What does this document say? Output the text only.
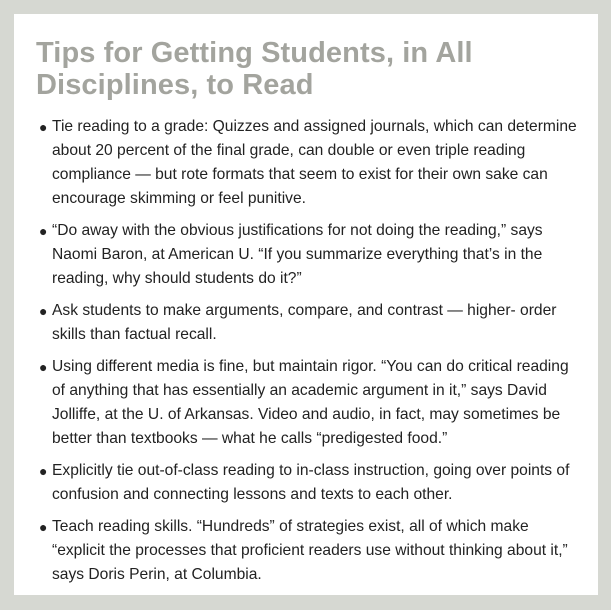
Tips for Getting Students, in All Disciplines, to Read
● Tie reading to a grade: Quizzes and assigned journals, which can determine about 20 percent of the final grade, can double or even triple reading compliance — but rote formats that seem to exist for their own sake can encourage skimming or feel punitive.
● “Do away with the obvious justifications for not doing the reading,” says Naomi Baron, at American U. “If you summarize everything that’s in the reading, why should students do it?”
● Ask students to make arguments, compare, and contrast — higher- order skills than factual recall.
● Using different media is fine, but maintain rigor. “You can do critical reading of anything that has essentially an academic argument in it,” says David Jolliffe, at the U. of Arkansas. Video and audio, in fact, may sometimes be better than textbooks — what he calls “predigested food.”
● Explicitly tie out-of-class reading to in-class instruction, going over points of confusion and connecting lessons and texts to each other.
● Teach reading skills. “Hundreds” of strategies exist, all of which make “explicit the processes that proficient readers use without thinking about it,” says Doris Perin, at Columbia.
